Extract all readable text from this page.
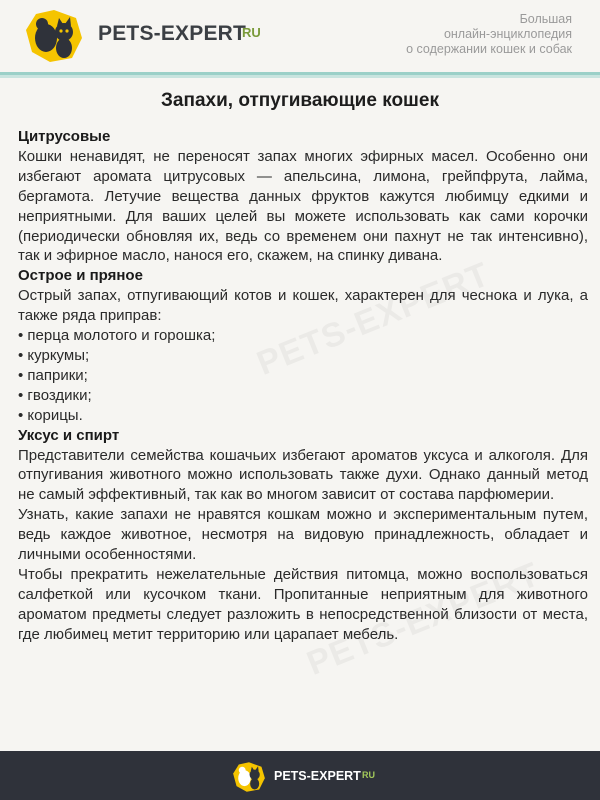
PETS-EXPERT
RU
Большая
онлайн-энциклопедия
о содержании кошек и собак
Запахи, отпугивающие кошек
Цитрусовые

Кошки ненавидят, не переносят запах многих эфирных масел. Особенно они избегают аромата цитрусовых — апельсина, лимона, грейпфрута, лайма, бергамота. Летучие вещества данных фруктов кажутся любимцу едкими и неприятными. Для ваших целей вы можете использовать как сами корочки (периодически обновляя их, ведь со временем они пахнут не так интенсивно), так и эфирное масло, нанося его, скажем, на спинку дивана.

Острое и пряное

Острый запах, отпугивающий котов и кошек, характерен для чеснока и лука, а также ряда приправ:

• перца молотого и горошка;
• куркумы;
• паприки;
• гвоздики;
• корицы.
Уксус и спирт

Представители семейства кошачьих избегают ароматов уксуса и алкоголя. Для отпугивания животного можно использовать также духи. Однако данный метод не самый эффективный, так как во многом зависит от состава парфюмерии.

Узнать, какие запахи не нравятся кошкам можно и экспериментальным путем, ведь каждое животное, несмотря на видовую принадлежность, обладает и личными особенностями.

Чтобы прекратить нежелательные действия питомца, можно воспользоваться салфеткой или кусочком ткани. Пропитанные неприятным для животного ароматом предметы следует разложить в непосредственной близости от места, где любимец метит территорию или царапает мебель.

PETS-EXPERT RU
